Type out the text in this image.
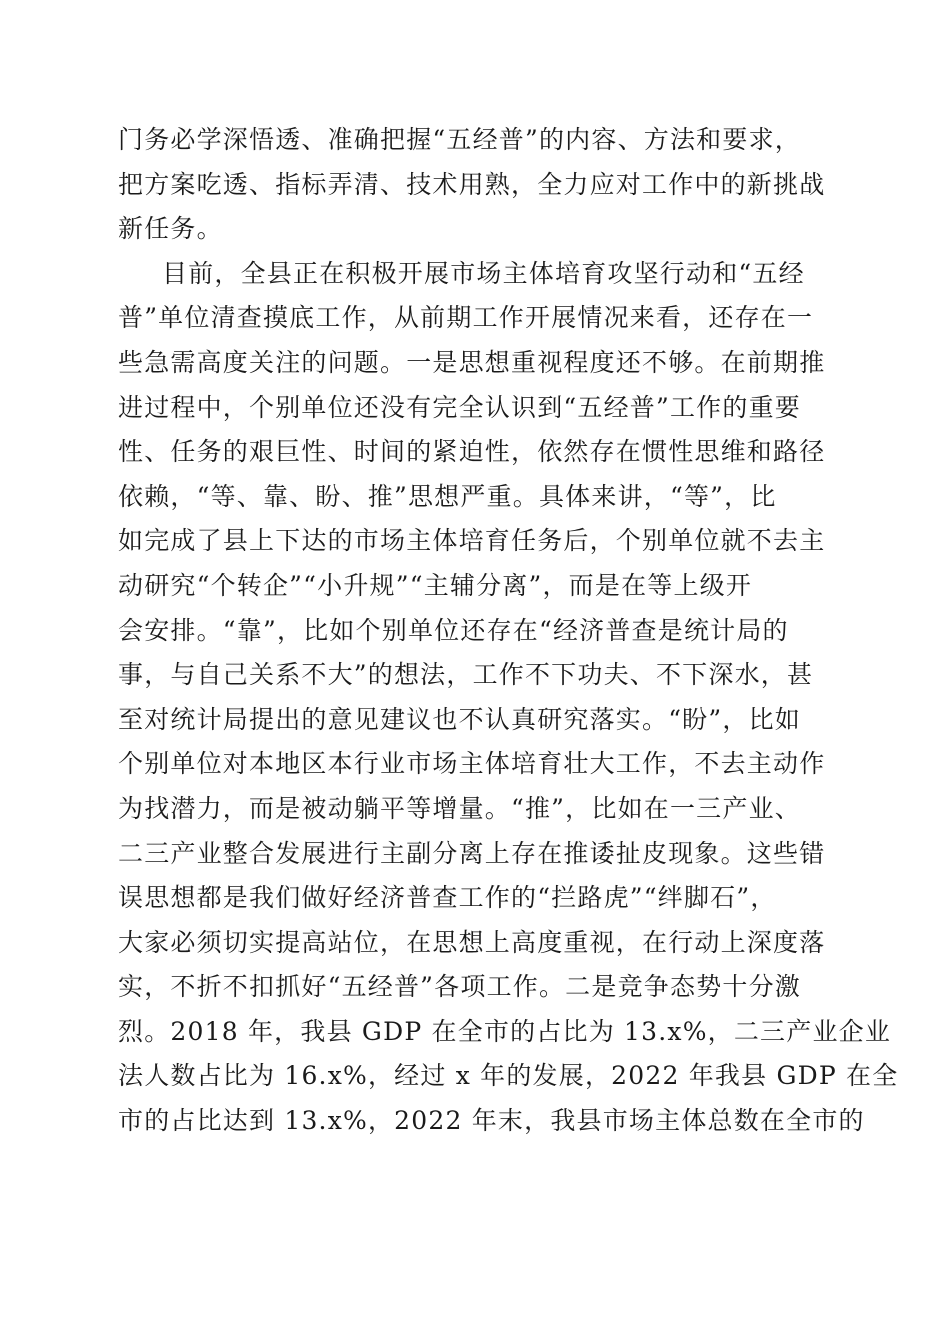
门务必学深悟透、准确把握“五经普”的内容、方法和要求，
把方案吃透、指标弄清、技术用熟，全力应对工作中的新挑战
新任务。
目前，全县正在积极开展市场主体培育攻坚行动和“五经
普”单位清查摸底工作，从前期工作开展情况来看，还存在一
些急需高度关注的问题。一是思想重视程度还不够。在前期推
进过程中，个别单位还没有完全认识到“五经普”工作的重要
性、任务的艰巨性、时间的紧迫性，依然存在惯性思维和路径
依赖，“等、靠、盼、推”思想严重。具体来讲，“等”，比
如完成了县上下达的市场主体培育任务后，个别单位就不去主
动研究“个转企”“小升规”“主辅分离”，而是在等上级开
会安排。“靠”，比如个别单位还存在“经济普查是统计局的
事，与自己关系不大”的想法，工作不下功夫、不下深水，甚
至对统计局提出的意见建议也不认真研究落实。“盼”，比如
个别单位对本地区本行业市场主体培育壮大工作，不去主动作
为找潜力，而是被动躺平等增量。“推”，比如在一三产业、
二三产业整合发展进行主副分离上存在推诿扯皮现象。这些错
误思想都是我们做好经济普查工作的“拦路虎”“绊脚石”，
大家必须切实提高站位，在思想上高度重视，在行动上深度落
实，不折不扣抓好“五经普”各项工作。二是竞争态势十分激
烈。2018 年，我县 GDP 在全市的占比为 13.x%，二三产业企业
法人数占比为 16.x%，经过 x 年的发展，2022 年我县 GDP 在全
市的占比达到 13.x%，2022 年末，我县市场主体总数在全市的
